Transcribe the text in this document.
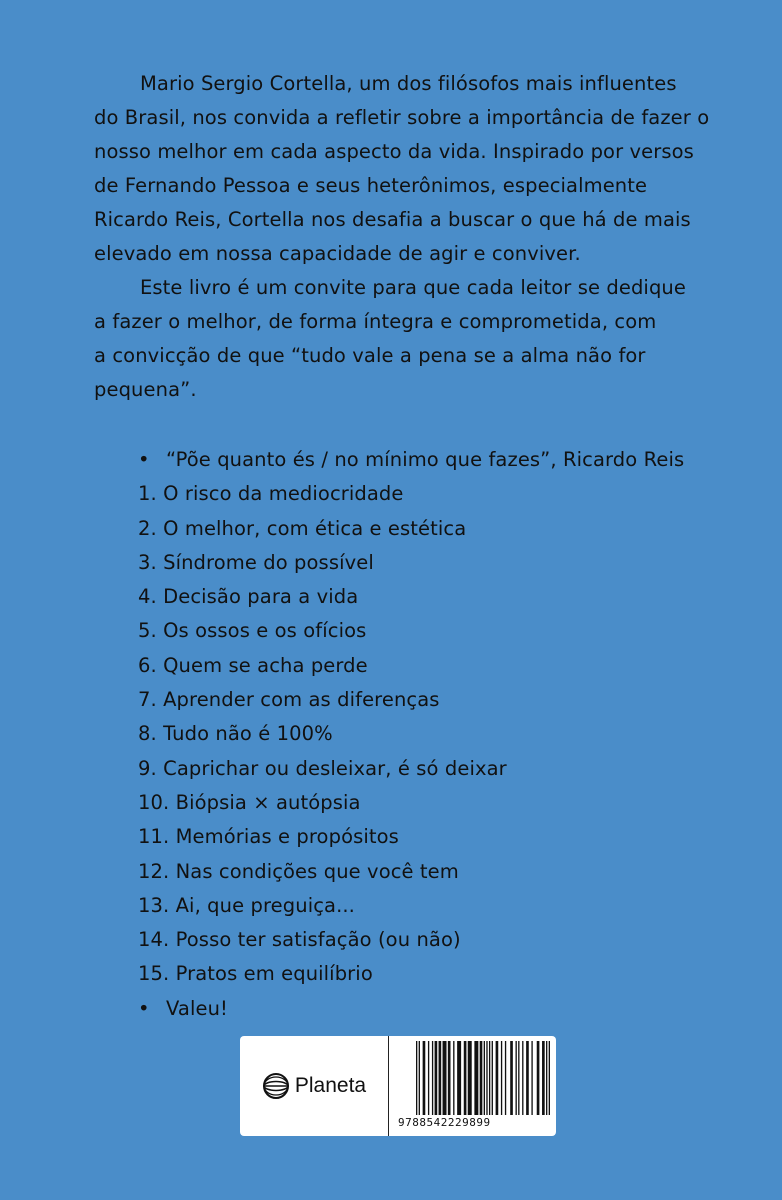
Mario Sergio Cortella, um dos filósofos mais influentes
do Brasil, nos convida a refletir sobre a importância de fazer o
nosso melhor em cada aspecto da vida. Inspirado por versos
de Fernando Pessoa e seus heterônimos, especialmente
Ricardo Reis, Cortella nos desafia a buscar o que há de mais
elevado em nossa capacidade de agir e conviver.

Este livro é um convite para que cada leitor se dedique
a fazer o melhor, de forma íntegra e comprometida, com
a convicção de que “tudo vale a pena se a alma não for
pequena”.

• “Põe quanto és / no mínimo que fazes”, Ricardo Reis
1. O risco da mediocridade
2. O melhor, com ética e estética
3. Síndrome do possível
4. Decisão para a vida
5. Os ossos e os ofícios
6. Quem se acha perde
7. Aprender com as diferenças
8. Tudo não é 100%
9. Caprichar ou desleixar, é só deixar
10. Biópsia × autópsia
11. Memórias e propósitos
12. Nas condições que você tem
13. Ai, que preguiça...
14. Posso ter satisfação (ou não)
15. Pratos em equilíbrio
• Valeu!
Planeta
9788542229899
